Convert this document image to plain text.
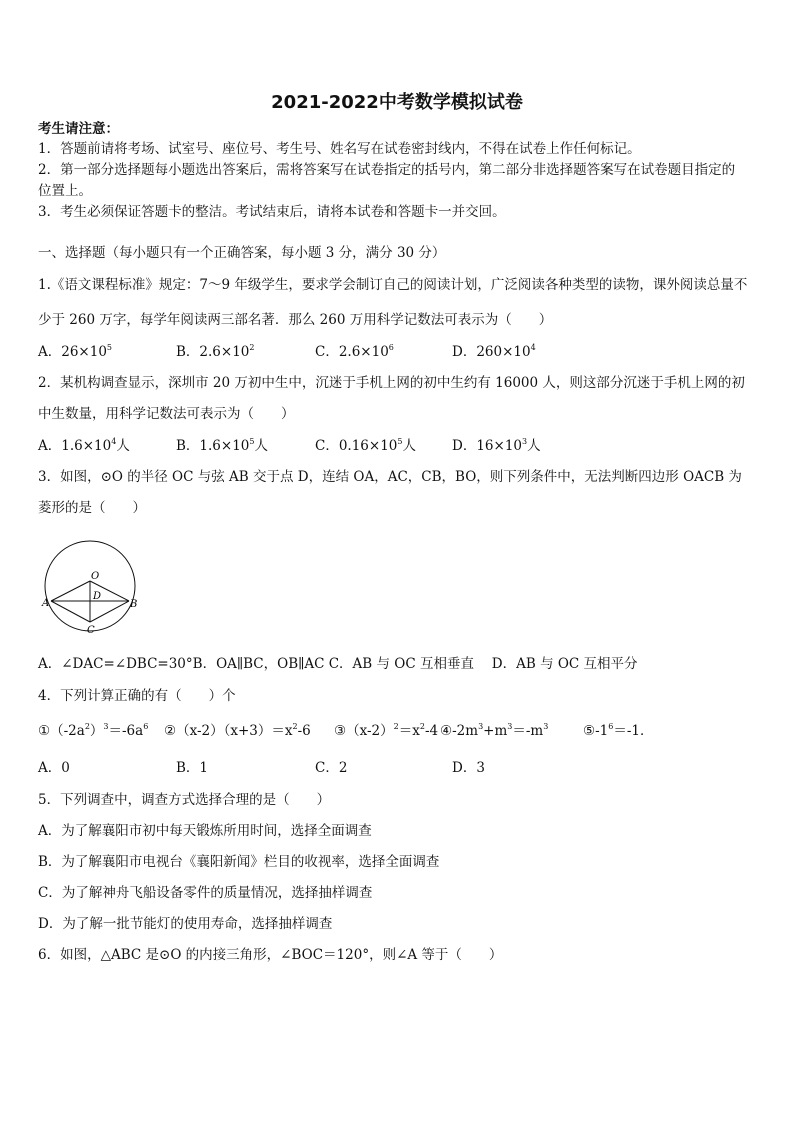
2021-2022中考数学模拟试卷
考生请注意：
1．答题前请将考场、试室号、座位号、考生号、姓名写在试卷密封线内，不得在试卷上作任何标记。
2．第一部分选择题每小题选出答案后，需将答案写在试卷指定的括号内，第二部分非选择题答案写在试卷题目指定的
位置上。
3．考生必须保证答题卡的整洁。考试结束后，请将本试卷和答题卡一并交回。
一、选择题（每小题只有一个正确答案，每小题 3 分，满分 30 分）
1.《语文课程标准》规定：7～9 年级学生，要求学会制订自己的阅读计划，广泛阅读各种类型的读物，课外阅读总量不
少于 260 万字，每学年阅读两三部名著．那么 260 万用科学记数法可表示为（　　）
A．$26\times 10^5$	B．$2.6\times 10^2$	C．$2.6\times 10^6$	D．$260\times 10^4$
2．某机构调查显示，深圳市 20 万初中生中，沉迷于手机上网的初中生约有 16000 人，则这部分沉迷于手机上网的初
中生数量，用科学记数法可表示为（　　）
A．$1.6\times 10^4$人	B．$1.6\times 10^5$人	C．$0.16\times 10^5$人	D．$16\times 10^3$人
3．如图，⊙O 的半径 OC 与弦 AB 交于点 D，连结 OA，AC，CB，BO，则下列条件中，无法判断四边形 OACB 为
菱形的是（　　）
O
D
A	B
C
A．∠DAC=∠DBC=30°B．OA∥BC，OB∥AC C．AB 与 OC 互相垂直　 D．AB 与 OC 互相平分
4．下列计算正确的有（　　）个
$①(-2a^2)^3=-6a^6$ $②(x-2)(x+3)=x^2-6$ $③(x-2)^2=x^2-4$ $④-2m^3+m^3=-m^3$	$⑤-1^6=-1$．
A．0	B．1	C．2	D．3
5．下列调查中，调查方式选择合理的是（　　）
A．为了解襄阳市初中每天锻炼所用时间，选择全面调查
B．为了解襄阳市电视台《襄阳新闻》栏目的收视率，选择全面调查
C．为了解神舟飞船设备零件的质量情况，选择抽样调查
D．为了解一批节能灯的使用寿命，选择抽样调查
6．如图，△ABC 是⊙O 的内接三角形，∠BOC＝120°，则∠A 等于（　　）
